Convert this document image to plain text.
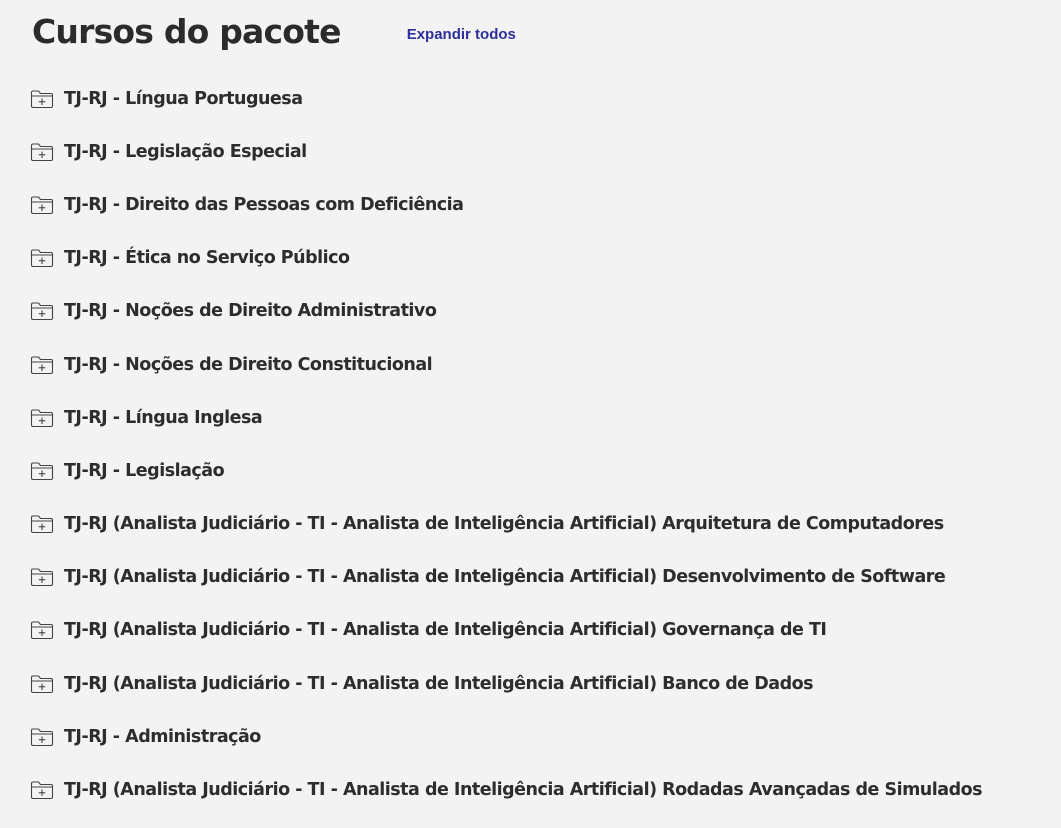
Cursos do pacote	Expandir todos
TJ-RJ - Língua Portuguesa
TJ-RJ - Legislação Especial
TJ-RJ - Direito das Pessoas com Deficiência
TJ-RJ - Ética no Serviço Público
TJ-RJ - Noções de Direito Administrativo
TJ-RJ - Noções de Direito Constitucional
TJ-RJ - Língua Inglesa
TJ-RJ - Legislação
TJ-RJ (Analista Judiciário - TI - Analista de Inteligência Artificial) Arquitetura de Computadores
TJ-RJ (Analista Judiciário - TI - Analista de Inteligência Artificial) Desenvolvimento de Software
TJ-RJ (Analista Judiciário - TI - Analista de Inteligência Artificial) Governança de TI
TJ-RJ (Analista Judiciário - TI - Analista de Inteligência Artificial) Banco de Dados
TJ-RJ - Administração
TJ-RJ (Analista Judiciário - TI - Analista de Inteligência Artificial) Rodadas Avançadas de Simulados
